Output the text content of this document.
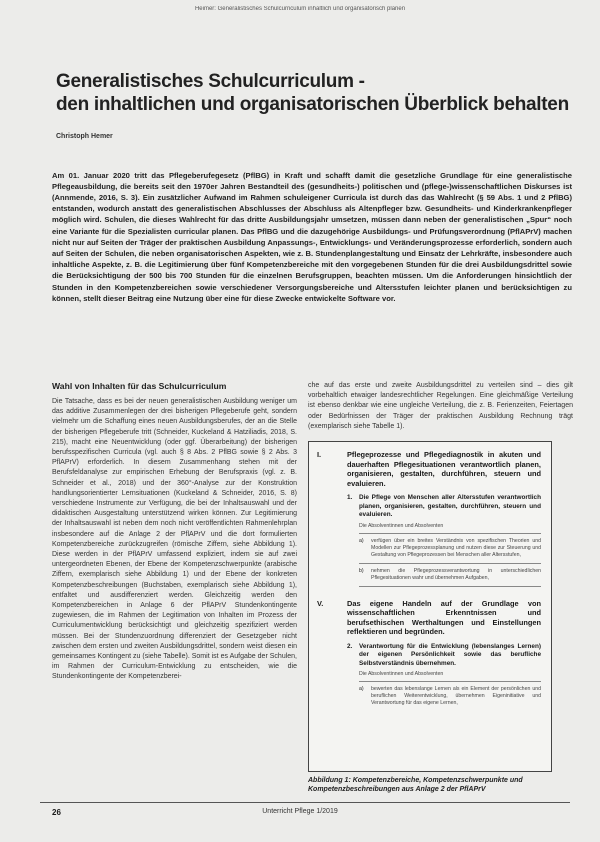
Heimer: Generalistisches Schulcurriculum inhaltlich und organisatorisch planen
Generalistisches Schulcurriculum -
den inhaltlichen und organisatorischen Überblick behalten
Christoph Hemer

Am 01. Januar 2020 tritt das Pflegeberufegesetz (PflBG) in Kraft und schafft damit die gesetzliche Grundlage für eine generalistische Pflegeausbildung, die bereits seit den 1970er Jahren Bestandteil des (gesundheits-) politischen und (pflege-)wissenschaftlichen Diskurses ist (Annmende, 2016, S. 3). Ein zusätzlicher Aufwand im Rahmen schuleigener Curricula ist durch das das Wahlrecht (§ 59 Abs. 1 und 2 PflBG) entstanden, wodurch anstatt des generalistischen Abschlusses der Abschluss als Altenpfleger bzw. Gesundheits- und Kinderkrankenpfleger möglich wird. Schulen, die dieses Wahlrecht für das dritte Ausbildungsjahr umsetzen, müssen dann neben der generalistischen „Spur“ noch eine Variante für die Spezialisten curricular planen. Das PflBG und die dazugehörige Ausbildungs- und Prüfungsverordnung (PflAPrV) machen nicht nur auf Seiten der Träger der praktischen Ausbildung Anpassungs-, Entwicklungs- und Veränderungsprozesse erforderlich, sondern auch auf Seiten der Schulen, die neben organisatorischen Aspekten, wie z. B. Stundenplangestaltung und Einsatz der Lehrkräfte, insbesondere auch inhaltliche Aspekte, z. B. die Legitimierung über fünf Kompetenzbereiche mit den vorgegebenen Stunden für die drei Ausbildungsdrittel sowie die Berücksichtigung der 500 bis 700 Stunden für die einzelnen Berufsgruppen, beachten müssen. Um die Anforderungen hinsichtlich der Stunden in den Kompetenzbereichen sowie verschiedener Versorgungsbereiche und Altersstufen leichter planen und berücksichtigen zu können, stellt dieser Beitrag eine Nutzung über eine für diese Zwecke entwickelte Software vor.

Wahl von Inhalten für das Schulcurriculum

Die Tatsache, dass es bei der neuen generalistischen Ausbildung weniger um das additive Zusammenlegen der drei bisherigen Pflegeberufe geht, sondern vielmehr um die Schaffung eines neuen Ausbildungsberufes, der an die Stelle der bisherigen Pflegeberufe tritt (Schneider, Kuckeland & Hatziliadis, 2018, S. 215), macht eine Neuentwicklung (oder ggf. Überarbeitung) der bisherigen berufsspezifischen Curricula (vgl. auch § 8 Abs. 2 PflBG sowie § 2 Abs. 3 PflAPrV) erforderlich. In diesem Zusammenhang stehen mit der Berufsfeldanalyse zur empirischen Erhebung der Berufspraxis (vgl. z. B. Schneider et al., 2018) und der 360°-Analyse zur der Konstruktion handlungsorientierter Lernsituationen (Kuckeland & Schneider, 2016, S. 8) verschiedene Instrumente zur Verfügung, die bei der Inhaltsauswahl und der didaktischen Ausgestaltung unterstützend wirken können. Zur Legitimierung der Inhaltsauswahl ist neben dem noch nicht veröffentlichten Rahmenlehrplan insbesondere auf die Anlage 2 der PflAPrV und die dort formulierten Kompetenzbereiche zurückzugreifen (römische Ziffern, siehe Abbildung 1). Diese werden in der PflAPrV umfassend expliziert, indem sie auf zwei untergeordneten Ebenen, der Ebene der Kompetenzschwerpunkte (arabische Ziffern, exemplarisch siehe Abbildung 1) und der Ebene der konkreten Kompetenzbeschreibungen (Buchstaben, exemplarisch siehe Abbildung 1), entfaltet und ausdifferenziert werden. Gleichzeitig werden den Kompetenzbereichen in Anlage 6 der PflAPrV Stundenkontingente zugewiesen, die im Rahmen der Legitimation von Inhalten im Prozess der Curriculumentwicklung berücksichtigt und gleichzeitig spezifiziert werden müssen. Bei der Stundenzuordnung differenziert der Gesetzgeber nicht zwischen dem ersten und zweiten Ausbildungsdrittel, sondern weist diesen ein gemeinsames Kontingent zu (siehe Tabelle). Somit ist es Aufgabe der Schulen, im Rahmen der Curriculum-Entwicklung zu entscheiden, wie die Stundenkontingente der Kompetenzberei-

che auf das erste und zweite Ausbildungsdrittel zu verteilen sind – dies gilt vorbehaltlich etwaiger landesrechtlicher Regelungen. Eine gleichmäßige Verteilung ist ebenso denkbar wie eine ungleiche Verteilung, die z. B. Ferienzeiten, Feiertagen oder Bedürfnissen der Träger der praktischen Ausbildung Rechnung trägt (exemplarisch siehe Tabelle 1).

I.	Pflegeprozesse und Pflegediagnostik in akuten und dauerhaften Pflegesituationen verantwortlich planen, organisieren, gestalten, durchführen, steuern und evaluieren.
1.	Die Pflege von Menschen aller Altersstufen verantwortlich planen, organisieren, gestalten, durchführen, steuern und evaluieren.
Die Absolventinnen und Absolventen
a)	verfügen über ein breites Verständnis von spezifischen Theorien und Modellen zur Pflegeprozessplanung und nutzen diese zur Steuerung und Gestaltung von Pflegeprozessen bei Menschen aller Altersstufen,
b)	nehmen die Pflegeprozessverantwortung in unterschiedlichen Pflegesituationen wahr und übernehmen Aufgaben,
V.	Das eigene Handeln auf der Grundlage von wissenschaftlichen Erkenntnissen und berufsethischen Werthaltungen und Einstellungen reflektieren und begründen.
2.	Verantwortung für die Entwicklung (lebenslanges Lernen) der eigenen Persönlichkeit sowie das berufliche Selbstverständnis übernehmen.
Die Absolventinnen und Absolventen
a)	bewerten das lebenslange Lernen als ein Element der persönlichen und beruflichen Weiterentwicklung, übernehmen Eigeninitiative und Verantwortung für das eigene Lernen,
Abbildung 1: Kompetenzbereiche, Kompetenzschwerpunkte und Kompetenzbeschreibungen aus Anlage 2 der PflAPrV
26	Unterricht Pflege 1/2019
